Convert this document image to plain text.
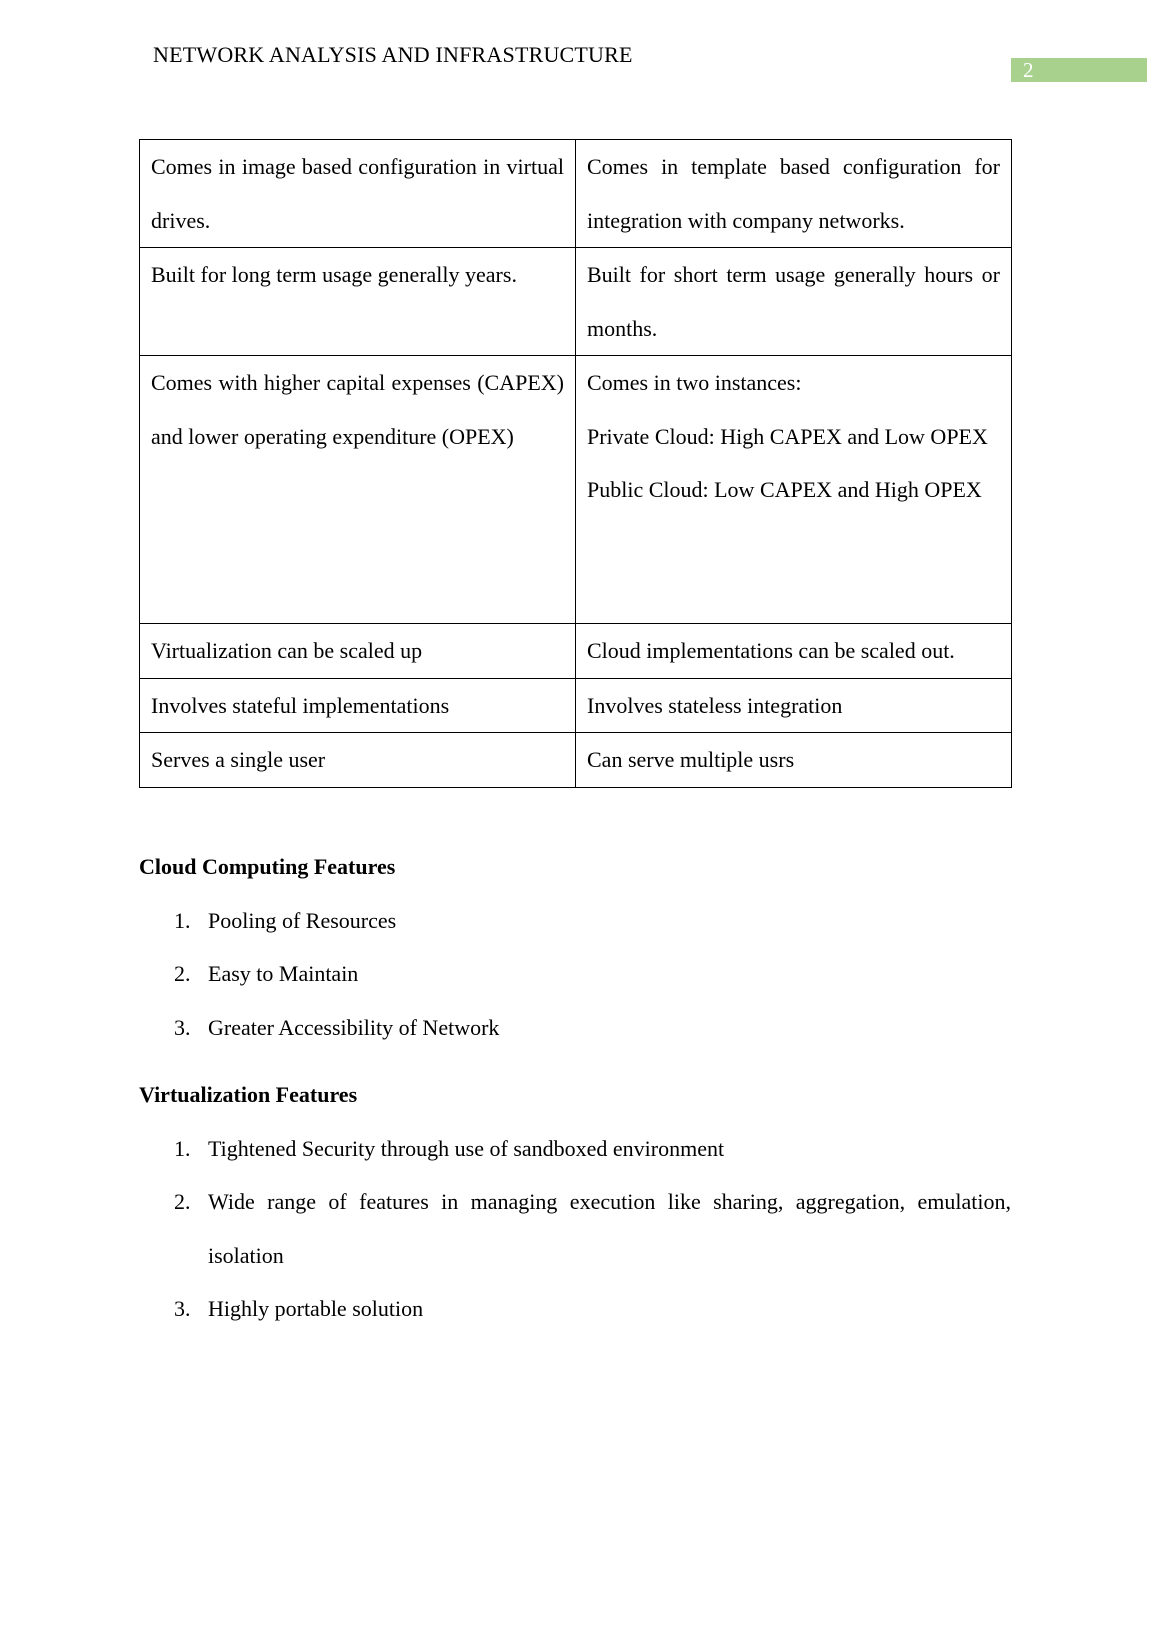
NETWORK ANALYSIS AND INFRASTRUCTURE
2

Comes in image based configuration in virtual drives.	Comes in template based configuration for integration with company networks.

Built for long term usage generally years.	Built for short term usage generally hours or months.

Comes with higher capital expenses (CAPEX) and lower operating expenditure (OPEX)	Comes in two instances:

Private Cloud: High CAPEX and Low OPEX

Public Cloud: Low CAPEX and High OPEX

Virtualization can be scaled up	Cloud implementations can be scaled out.

Involves stateful implementations	Involves stateless integration

Serves a single user	Can serve multiple usrs

Cloud Computing Features
1. Pooling of Resources
2. Easy to Maintain
3. Greater Accessibility of Network
Virtualization Features
1. Tightened Security through use of sandboxed environment
2. Wide range of features in managing execution like sharing, aggregation, emulation, isolation
3. Highly portable solution
